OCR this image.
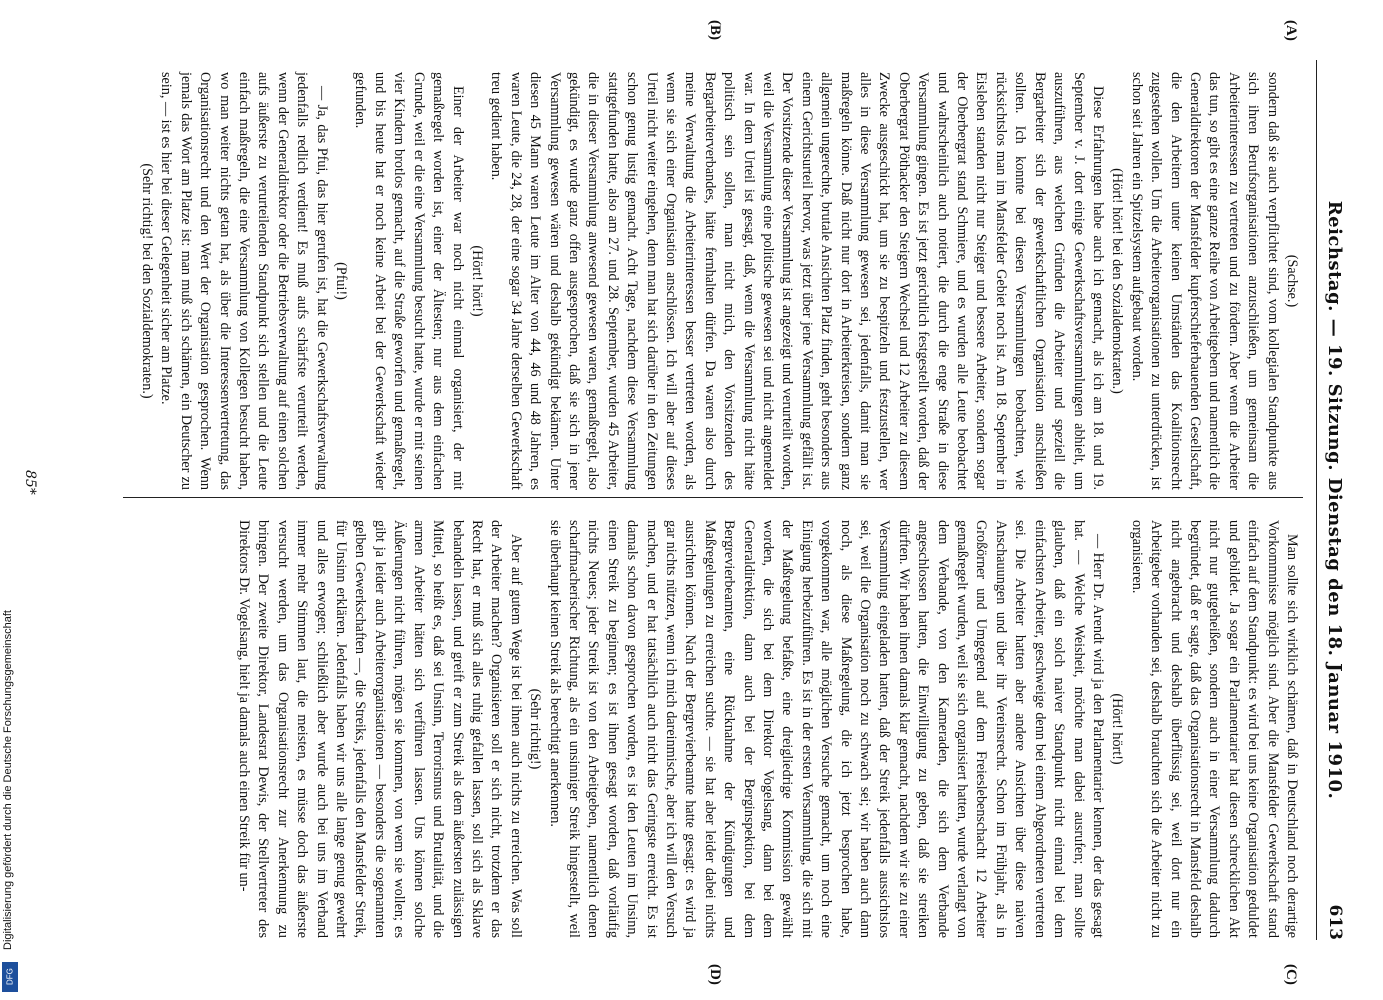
Reichstag. — 19. Sitzung. Dienstag den 18. Januar 1910.
613
(A)
(B)
(C)
(D)

(Sachse.)

sondern daß sie auch verpflichtet sind, vom kollegialen Standpunkte aus sich ihren Berufsorganisationen anzuschließen, um gemeinsam die Arbeiterinteressen zu vertreten und zu fördern. Aber wenn die Arbeiter das tun, so gibt es eine ganze Reihe von Arbeitgebern und namentlich die Generaldirektoren der Mansfelder kupferschieferbauenden Gesellschaft, die den Arbeitern unter keinen Umständen das Koalitionsrecht zugestehen wollen. Um die Arbeiterorganisationen zu unterdrücken, ist schon seit Jahren ein Spitzelsystem aufgebaut worden.

(Hört! hört! bei den Sozialdemokraten.)

Diese Erfahrungen habe auch ich gemacht, als ich am 18. und 19. September v. J. dort einige Gewerkschaftsversammlungen abhielt, um auszuführen, aus welchen Gründen die Arbeiter und speziell die Bergarbeiter sich der gewerkschaftlichen Organisation anschließen sollten. Ich konnte bei diesen Versammlungen beobachten, wie rücksichtslos man im Mansfelder Gebiet noch ist. Am 18. September in Eisleben standen nicht nur Steiger und bessere Arbeiter, sondern sogar der Oberbergrat stand Schmiere, und es wurden alle Leute beobachtet und wahrscheinlich auch notiert, die durch die enge Straße in diese Versammlung gingen. Es ist jetzt gerichtlich festgestellt worden, daß der Oberbergrat Pöthacker den Steigern Wechsel und 12 Arbeiter zu diesem Zwecke ausgeschickt hat, um sie zu bespitzeln und festzustellen, wer alles in diese Versammlung gewesen sei, jedenfalls, damit man sie maßregeln könne. Daß nicht nur dort in Arbeiterkreisen, sondern ganz allgemein ungerechte, brutale Ansichten Platz finden, geht besonders aus einem Gerichtsurteil hervor, was jetzt über jene Versammlung gefällt ist. Der Vorsitzende dieser Versammlung ist angezeigt und verurteilt worden, weil die Versammlung eine politische gewesen sei und nicht angemeldet war. In dem Urteil ist gesagt, daß, wenn die Versammlung nicht hätte politisch sein sollen, man nicht mich, den Vorsitzenden des Bergarbeiterverbandes, hätte fernhalten dürfen. Da waren also durch meine Verwaltung die Arbeiterinteressen besser vertreten worden, als wenn sie sich einer Organisation anschlössen. Ich will aber auf dieses Urteil nicht weiter eingehen, denn man hat sich darüber in den Zeitungen schon genug lustig gemacht. Acht Tage, nachdem diese Versammlung stattgefunden hatte, also am 27. und 28. September, wurden 45 Arbeiter, die in dieser Versammlung anwesend gewesen waren, gemaßregelt, also gekündigt, es wurde ganz offen ausgesprochen, daß sie sich in jener Versammlung gewesen wären und deshalb gekündigt bekämen. Unter diesen 45 Mann waren Leute im Alter von 44, 46 und 48 Jahren, es waren Leute, die 24, 28, der eine sogar 34 Jahre derselben Gewerkschaft treu gedient haben.

(Hört! hört!)

Einer der Arbeiter war noch nicht einmal organisiert, der mit gemaßregelt worden ist, einer der Ältesten; nur aus dem einfachen Grunde, weil er die eine Versammlung besucht hatte, wurde er mit seinen vier Kindern brotlos gemacht, auf die Straße geworfen und gemaßregelt, und bis heute hat er noch keine Arbeit bei der Gewerkschaft wieder gefunden.

(Pfui!)

— Ja, das Pfui, das hier gerufen ist, hat die Gewerkschaftsverwaltung jedenfalls redlich verdient! Es muß aufs schärfste verurteilt werden, wenn der Generaldirektor oder die Betriebsverwaltung auf einen solchen aufs äußerste zu verurteilenden Standpunkt sich stellen und die Leute einfach maßregeln, die eine Versammlung von Kollegen besucht haben, wo man weiter nichts getan hat, als über die Interessenvertretung, das Organisationsrecht und den Wert der Organisation gesprochen. Wenn jemals das Wort am Platze ist: man muß sich schämen, ein Deutscher zu sein, — ist es hier bei dieser Gelegenheit sicher am Platze.

(Sehr richtig! bei den Sozialdemokraten.)

Man sollte sich wirklich schämen, daß in Deutschland noch derartige Vorkommnisse möglich sind. Aber die Mansfelder Gewerkschaft stand einfach auf dem Standpunkt: es wird bei uns keine Organisation geduldet und gebildet. Ja sogar ein Parlamentarier hat diesen schrecklichen Akt nicht nur gutgeheißen, sondern auch in einer Versammlung dadurch begründet, daß er sagte, daß das Organisationsrecht in Mansfeld deshalb nicht angebracht und deshalb überflüssig sei, weil dort nur ein Arbeitgeber vorhanden sei, deshalb brauchten sich die Arbeiter nicht zu organisieren.

(Hört! hört!)

— Herr Dr. Arendt wird ja den Parlamentarier kennen, der das gesagt hat. — Welche Weisheit, möchte man dabei ausrufen; man sollte glauben, daß ein solch naiver Standpunkt nicht einmal bei dem einfachsten Arbeiter, geschweige denn bei einem Abgeordneten vertreten sei. Die Arbeiter hatten aber andere Ansichten über diese naiven Anschauungen und über ihr Vereinsrecht. Schon im Frühjahr, als in Großörner und Umgegend auf dem Freieslebenschacht 12 Arbeiter gemaßregelt wurden, weil sie sich organisiert hatten, wurde verlangt von dem Verbande, von den Kameraden, die sich dem Verbande angeschlossen hatten, die Einwilligung zu geben, daß sie streiken dürften. Wir haben ihnen damals klar gemacht, nachdem wir sie zu einer Versammlung eingeladen hatten, daß der Streik jedenfalls aussichtslos sei, weil die Organisation noch zu schwach sei; wir haben auch dann noch, als diese Maßregelung, die ich jetzt besprochen habe, vorgekommen war, alle möglichen Versuche gemacht, um noch eine Einigung herbeizuführen. Es ist in der ersten Versammlung, die sich mit der Maßregelung befaßte, eine dreigliedrige Kommission gewählt worden, die sich bei dem Direktor Vogelsang, dann bei dem Generaldirektion, dann auch bei der Berginspektion, bei dem Bergrevierbeamten, eine Rücknahme der Kündigungen und Maßregelungen zu erreichen suchte. — sie hat aber leider dabei nichts ausrichten können. Nach der Bergrevierbeamte hatte gesagt: es wird ja gar nichts nützen, wenn ich mich dareinmische, aber ich will den Versuch machen, und er hat tatsächlich auch nicht das Geringste erreicht. Es ist damals schon davon gesprochen worden, es ist den Leuten im Unsinn, einen Streik zu beginnen; es ist ihnen gesagt worden, daß vorläufig nichts Neues; jeder Streik ist von den Arbeitgeben, namentlich denen scharfmacherischer Richtung, als ein unsinniger Streik hingestellt, weil sie überhaupt keinen Streik als berechtigt anerkennen.

(Sehr richtig!)

Aber auf gutem Wege ist bei ihnen auch nichts zu erreichen. Was soll der Arbeiter machen? Organisieren soll er sich nicht, trotzdem er das Recht hat, er muß sich alles ruhig gefallen lassen, soll sich als Sklave behandeln lassen, und greift er zum Streik als dem äußersten zulässigen Mittel, so heißt es, daß sei Unsinn, Terrorismus und Brutalität, und die armen Arbeiter hätten sich verführen lassen. Uns können solche Äußerungen nicht führen, mögen sie kommen, von wem sie wollen; es gibt ja leider auch Arbeiterorganisationen — besonders die sogenannten gelben Gewerkschaften —, die Streiks, jedenfalls den Mansfelder Streik, für Unsinn erklären. Jedenfalls haben wir uns alle lange genug gewehrt und alles erwogen; schließlich aber wurde auch bei uns im Verband immer mehr Stimmen laut, die meisten, es müsse doch das äußerste versucht werden, um das Organisationsrecht zur Anerkennung zu bringen. Der zweite Direktor, Landesrat Dewis, der Stellvertreter des Direktors Dr. Vogelsang, hielt ja damals auch einen Streik für un-

85*
Digitalisierung gefördert durch die Deutsche Forschungsgemeinschaft
DFG
